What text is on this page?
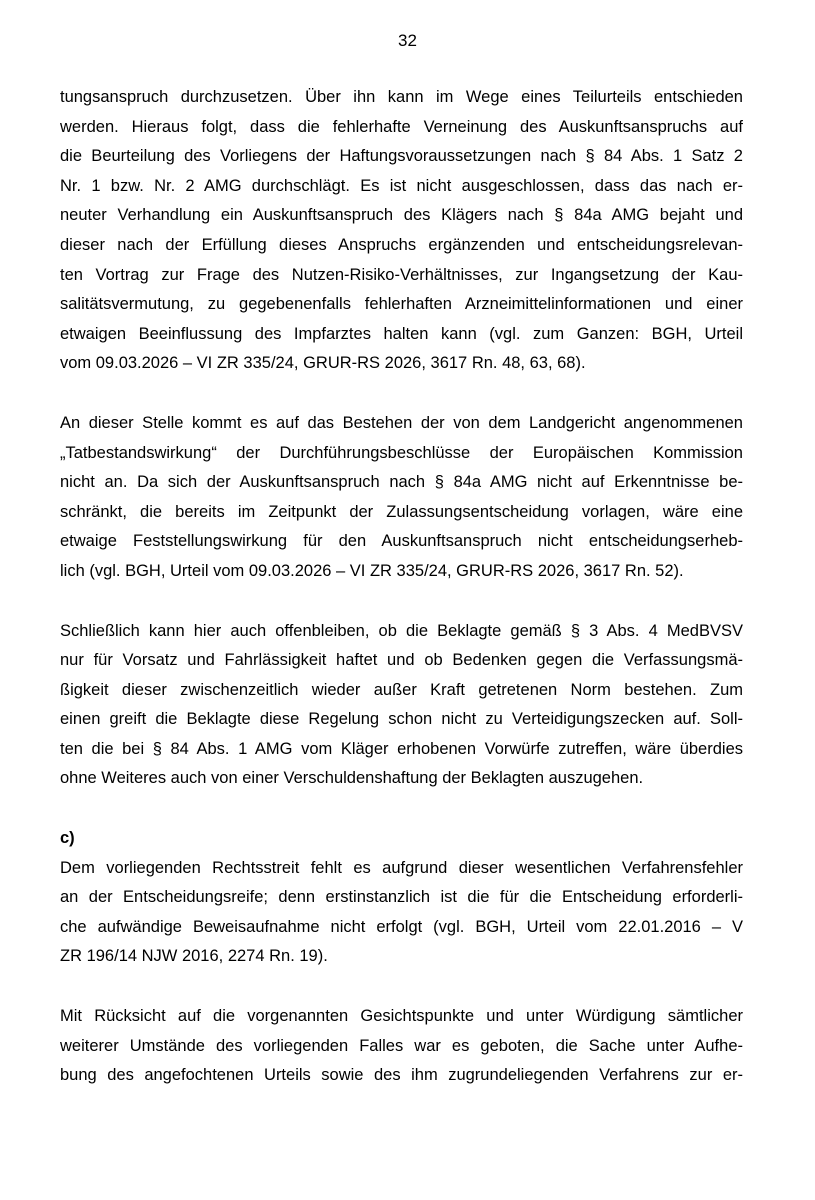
32

tungsanspruch durchzusetzen. Über ihn kann im Wege eines Teilurteils entschieden
werden. Hieraus folgt, dass die fehlerhafte Verneinung des Auskunftsanspruchs auf
die Beurteilung des Vorliegens der Haftungsvoraussetzungen nach § 84 Abs. 1 Satz 2
Nr. 1 bzw. Nr. 2 AMG durchschlägt. Es ist nicht ausgeschlossen, dass das nach er-
neuter Verhandlung ein Auskunftsanspruch des Klägers nach § 84a AMG bejaht und
dieser nach der Erfüllung dieses Anspruchs ergänzenden und entscheidungsrelevan-
ten Vortrag zur Frage des Nutzen-Risiko-Verhältnisses, zur Ingangsetzung der Kau-
salitätsvermutung, zu gegebenenfalls fehlerhaften Arzneimittelinformationen und einer
etwaigen Beeinflussung des Impfarztes halten kann (vgl. zum Ganzen: BGH, Urteil
vom 09.03.2026 – VI ZR 335/24, GRUR-RS 2026, 3617 Rn. 48, 63, 68).

An dieser Stelle kommt es auf das Bestehen der von dem Landgericht angenommenen
„Tatbestandswirkung“ der Durchführungsbeschlüsse der Europäischen Kommission
nicht an. Da sich der Auskunftsanspruch nach § 84a AMG nicht auf Erkenntnisse be-
schränkt, die bereits im Zeitpunkt der Zulassungsentscheidung vorlagen, wäre eine
etwaige Feststellungswirkung für den Auskunftsanspruch nicht entscheidungserheb-
lich (vgl. BGH, Urteil vom 09.03.2026 – VI ZR 335/24, GRUR-RS 2026, 3617 Rn. 52).

Schließlich kann hier auch offenbleiben, ob die Beklagte gemäß § 3 Abs. 4 MedBVSV
nur für Vorsatz und Fahrlässigkeit haftet und ob Bedenken gegen die Verfassungsmä-
ßigkeit dieser zwischenzeitlich wieder außer Kraft getretenen Norm bestehen. Zum
einen greift die Beklagte diese Regelung schon nicht zu Verteidigungszecken auf. Soll-
ten die bei § 84 Abs. 1 AMG vom Kläger erhobenen Vorwürfe zutreffen, wäre überdies
ohne Weiteres auch von einer Verschuldenshaftung der Beklagten auszugehen.

c)

Dem vorliegenden Rechtsstreit fehlt es aufgrund dieser wesentlichen Verfahrensfehler
an der Entscheidungsreife; denn erstinstanzlich ist die für die Entscheidung erforderli-
che aufwändige Beweisaufnahme nicht erfolgt (vgl. BGH, Urteil vom 22.01.2016 – V
ZR 196/14 NJW 2016, 2274 Rn. 19).

Mit Rücksicht auf die vorgenannten Gesichtspunkte und unter Würdigung sämtlicher
weiterer Umstände des vorliegenden Falles war es geboten, die Sache unter Aufhe-
bung des angefochtenen Urteils sowie des ihm zugrundeliegenden Verfahrens zur er-
